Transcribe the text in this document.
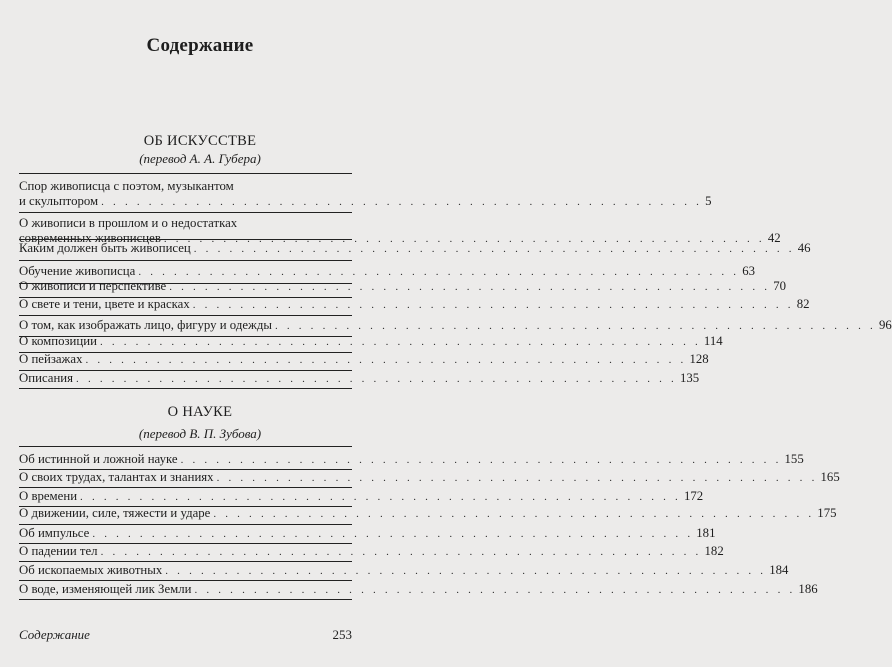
Содержание
ОБ ИСКУССТВЕ
(перевод А. А. Губера)
Спор живописца с поэтом, музыкантом
и скульптором . . . . . . . . . . . . . . . . . . . . . . . . . . . . . . . . . . . . . . . . . . . . . . . . . . . 5
О живописи в прошлом и о недостатках
современных живописцев . . . . . . . . . . . . . . . . . . . . . . . . . . . . . . . . . . . . . . . . . . . . . . . . . . . 42
Каким должен быть живописец . . . . . . . . . . . . . . . . . . . . . . . . . . . . . . . . . . . . . . . . . . . . . . . . . . . 46
Обучение живописца . . . . . . . . . . . . . . . . . . . . . . . . . . . . . . . . . . . . . . . . . . . . . . . . . . . 63
О живописи и перспективе . . . . . . . . . . . . . . . . . . . . . . . . . . . . . . . . . . . . . . . . . . . . . . . . . . . 70
О свете и тени, цвете и красках . . . . . . . . . . . . . . . . . . . . . . . . . . . . . . . . . . . . . . . . . . . . . . . . . . . 82
О том, как изображать лицо, фигуру и одежды . . . . . . . . . . . . . . . . . . . . . . . . . . . . . . . . . . . . . . . . . . . . . . . . . . . 96
О композиции . . . . . . . . . . . . . . . . . . . . . . . . . . . . . . . . . . . . . . . . . . . . . . . . . . . 114
О пейзажах . . . . . . . . . . . . . . . . . . . . . . . . . . . . . . . . . . . . . . . . . . . . . . . . . . . 128
Описания . . . . . . . . . . . . . . . . . . . . . . . . . . . . . . . . . . . . . . . . . . . . . . . . . . . 135
О НАУКЕ
(перевод В. П. Зубова)
Об истинной и ложной науке . . . . . . . . . . . . . . . . . . . . . . . . . . . . . . . . . . . . . . . . . . . . . . . . . . . 155
О своих трудах, талантах и знаниях . . . . . . . . . . . . . . . . . . . . . . . . . . . . . . . . . . . . . . . . . . . . . . . . . . . 165
О времени . . . . . . . . . . . . . . . . . . . . . . . . . . . . . . . . . . . . . . . . . . . . . . . . . . . 172
О движении, силе, тяжести и ударе . . . . . . . . . . . . . . . . . . . . . . . . . . . . . . . . . . . . . . . . . . . . . . . . . . . 175
Об импульсе . . . . . . . . . . . . . . . . . . . . . . . . . . . . . . . . . . . . . . . . . . . . . . . . . . . 181
О падении тел . . . . . . . . . . . . . . . . . . . . . . . . . . . . . . . . . . . . . . . . . . . . . . . . . . . 182
Об ископаемых животных . . . . . . . . . . . . . . . . . . . . . . . . . . . . . . . . . . . . . . . . . . . . . . . . . . . 184
О воде, изменяющей лик Земли . . . . . . . . . . . . . . . . . . . . . . . . . . . . . . . . . . . . . . . . . . . . . . . . . . . 186
Содержание	253
